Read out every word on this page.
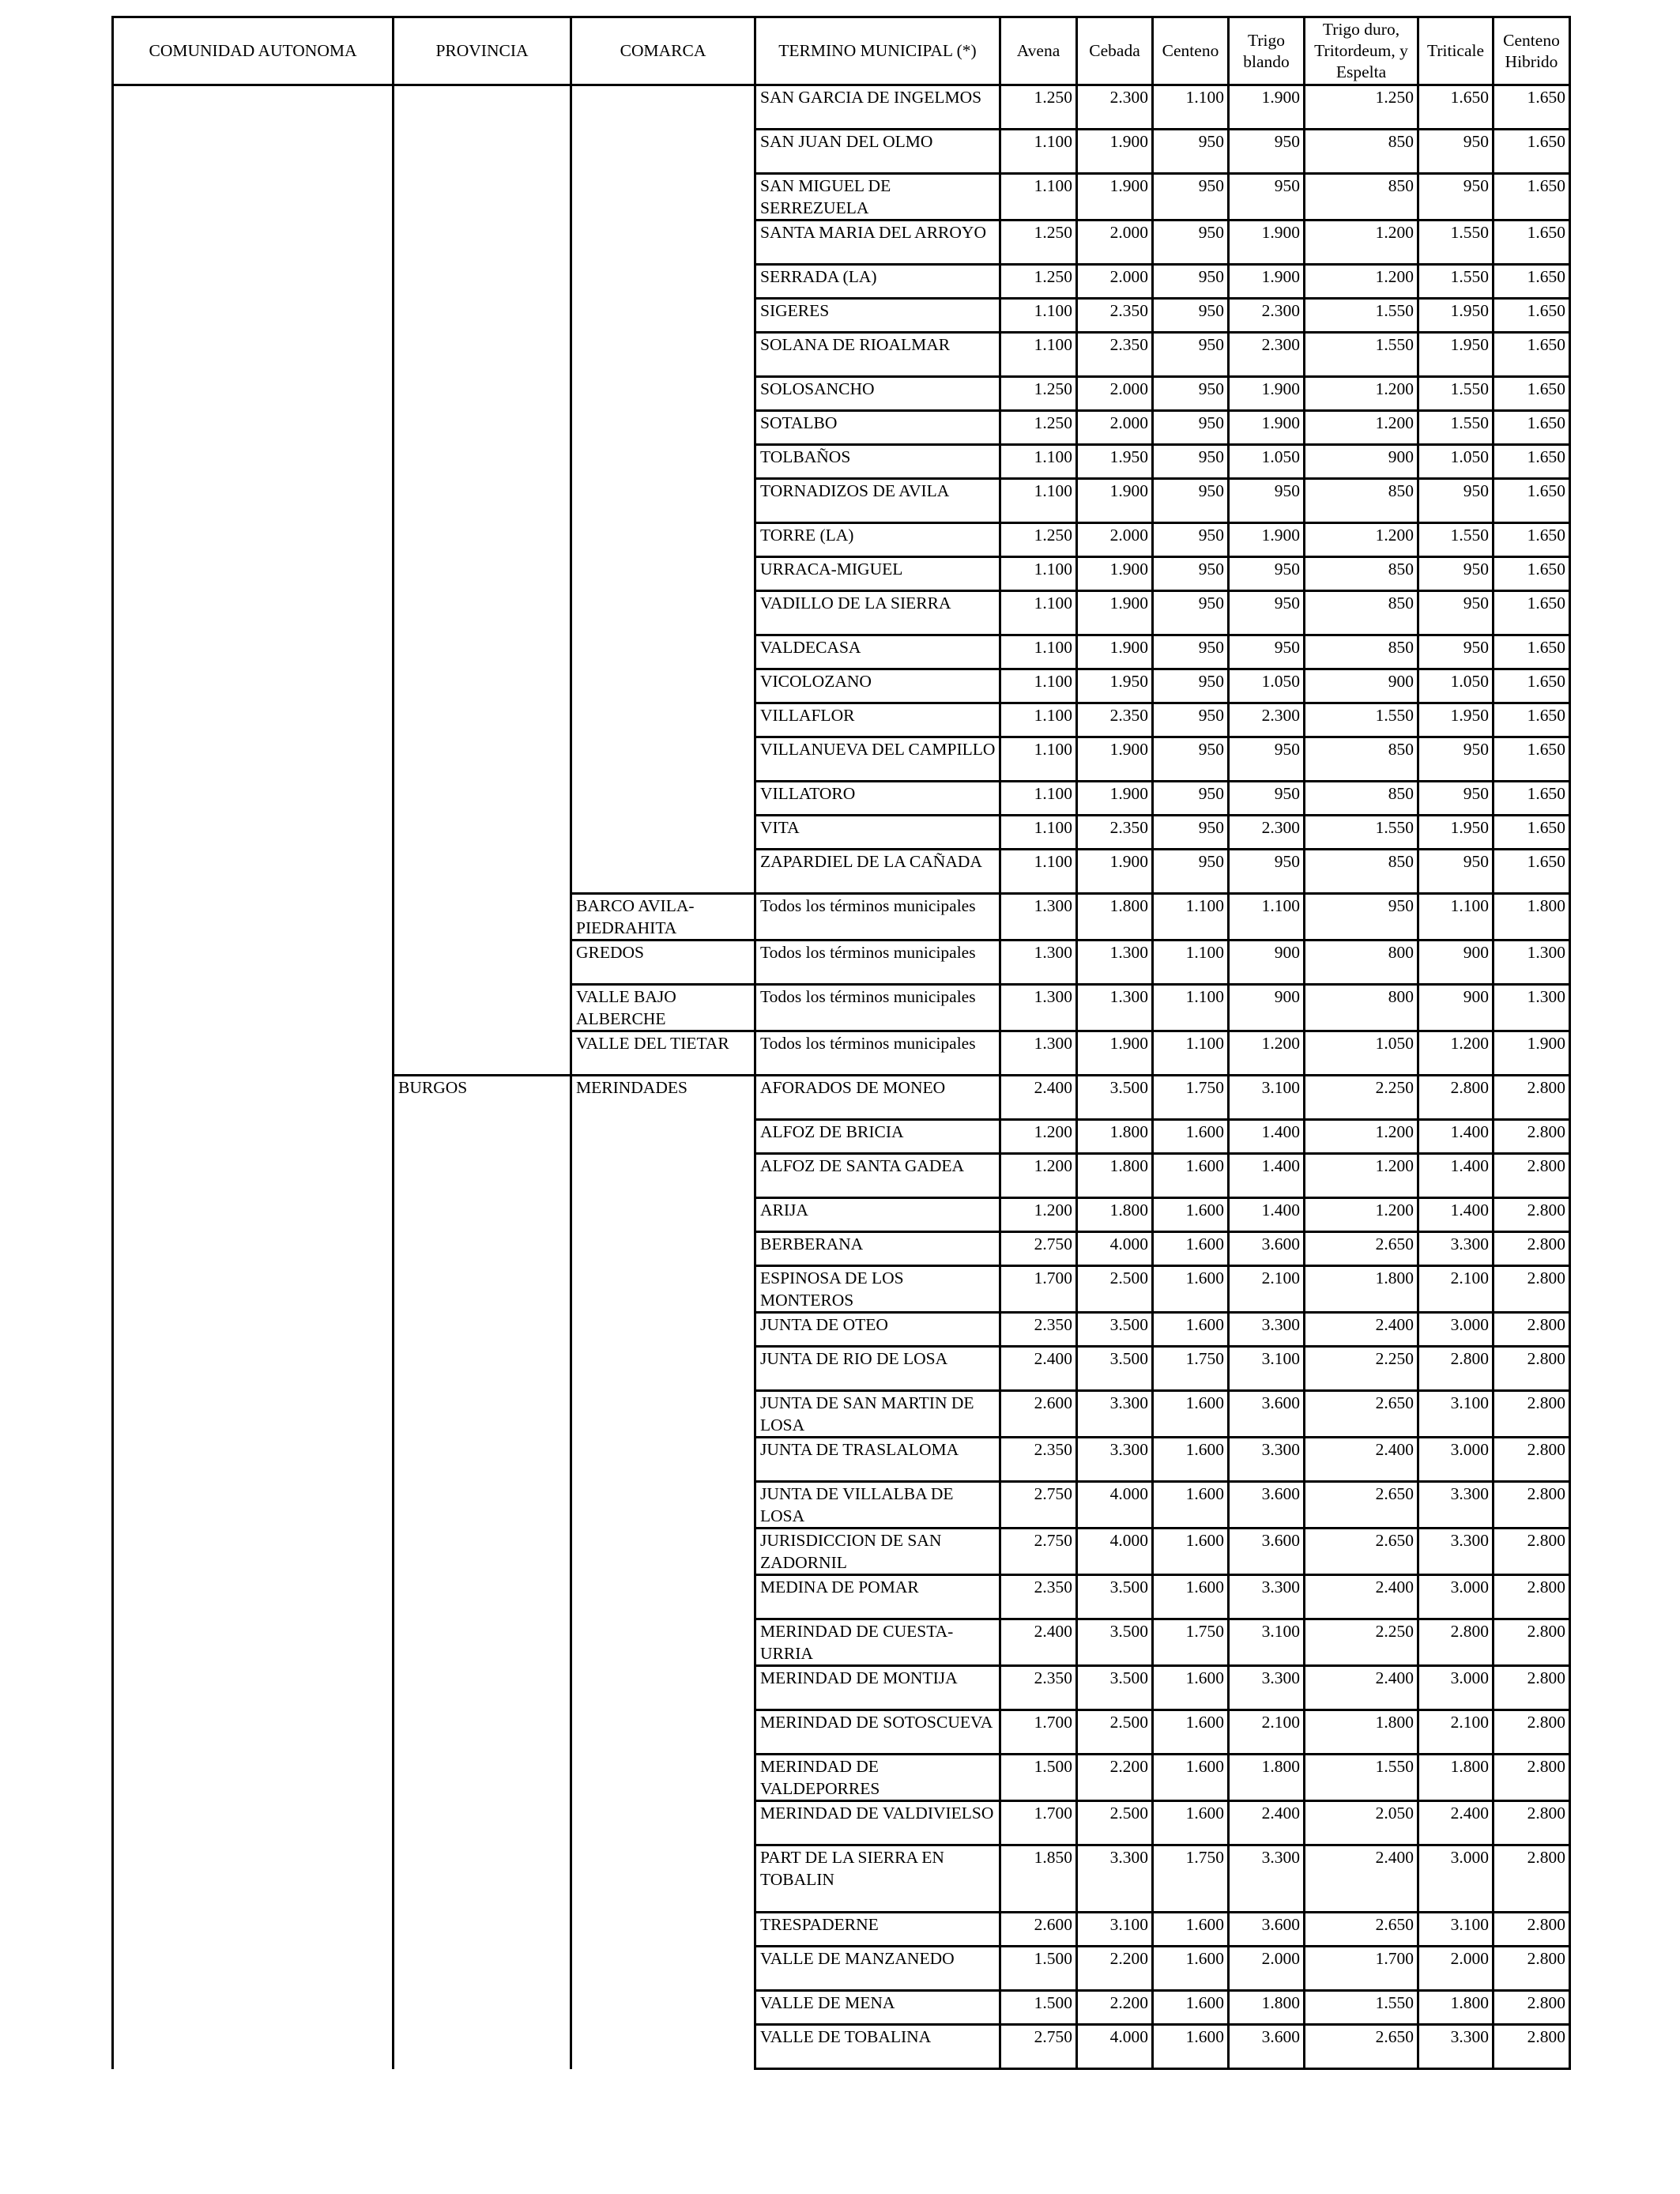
COMUNIDAD AUTONOMA	PROVINCIA	COMARCA	TERMINO MUNICIPAL (*)	Avena	Cebada	Centeno	Trigo blando	Trigo duro, Tritordeum, y Espelta	Triticale	Centeno Hibrido
			SAN GARCIA DE INGELMOS	1.250	2.300	1.100	1.900	1.250	1.650	1.650
			SAN JUAN DEL OLMO	1.100	1.900	950	950	850	950	1.650
			SAN MIGUEL DE SERREZUELA	1.100	1.900	950	950	850	950	1.650
			SANTA MARIA DEL ARROYO	1.250	2.000	950	1.900	1.200	1.550	1.650
			SERRADA (LA)	1.250	2.000	950	1.900	1.200	1.550	1.650
			SIGERES	1.100	2.350	950	2.300	1.550	1.950	1.650
			SOLANA DE RIOALMAR	1.100	2.350	950	2.300	1.550	1.950	1.650
			SOLOSANCHO	1.250	2.000	950	1.900	1.200	1.550	1.650
			SOTALBO	1.250	2.000	950	1.900	1.200	1.550	1.650
			TOLBAÑOS	1.100	1.950	950	1.050	900	1.050	1.650
			TORNADIZOS DE AVILA	1.100	1.900	950	950	850	950	1.650
			TORRE (LA)	1.250	2.000	950	1.900	1.200	1.550	1.650
			URRACA-MIGUEL	1.100	1.900	950	950	850	950	1.650
			VADILLO DE LA SIERRA	1.100	1.900	950	950	850	950	1.650
			VALDECASA	1.100	1.900	950	950	850	950	1.650
			VICOLOZANO	1.100	1.950	950	1.050	900	1.050	1.650
			VILLAFLOR	1.100	2.350	950	2.300	1.550	1.950	1.650
			VILLANUEVA DEL CAMPILLO	1.100	1.900	950	950	850	950	1.650
			VILLATORO	1.100	1.900	950	950	850	950	1.650
			VITA	1.100	2.350	950	2.300	1.550	1.950	1.650
			ZAPARDIEL DE LA CAÑADA	1.100	1.900	950	950	850	950	1.650
		BARCO AVILA-PIEDRAHITA	Todos los términos municipales	1.300	1.800	1.100	1.100	950	1.100	1.800
		GREDOS	Todos los términos municipales	1.300	1.300	1.100	900	800	900	1.300
		VALLE BAJO ALBERCHE	Todos los términos municipales	1.300	1.300	1.100	900	800	900	1.300
		VALLE DEL TIETAR	Todos los términos municipales	1.300	1.900	1.100	1.200	1.050	1.200	1.900
	BURGOS	MERINDADES	AFORADOS DE MONEO	2.400	3.500	1.750	3.100	2.250	2.800	2.800
			ALFOZ DE BRICIA	1.200	1.800	1.600	1.400	1.200	1.400	2.800
			ALFOZ DE SANTA GADEA	1.200	1.800	1.600	1.400	1.200	1.400	2.800
			ARIJA	1.200	1.800	1.600	1.400	1.200	1.400	2.800
			BERBERANA	2.750	4.000	1.600	3.600	2.650	3.300	2.800
			ESPINOSA DE LOS MONTEROS	1.700	2.500	1.600	2.100	1.800	2.100	2.800
			JUNTA DE OTEO	2.350	3.500	1.600	3.300	2.400	3.000	2.800
			JUNTA DE RIO DE LOSA	2.400	3.500	1.750	3.100	2.250	2.800	2.800
			JUNTA DE SAN MARTIN DE LOSA	2.600	3.300	1.600	3.600	2.650	3.100	2.800
			JUNTA DE TRASLALOMA	2.350	3.300	1.600	3.300	2.400	3.000	2.800
			JUNTA DE VILLALBA DE LOSA	2.750	4.000	1.600	3.600	2.650	3.300	2.800
			JURISDICCION DE SAN ZADORNIL	2.750	4.000	1.600	3.600	2.650	3.300	2.800
			MEDINA DE POMAR	2.350	3.500	1.600	3.300	2.400	3.000	2.800
			MERINDAD DE CUESTA-URRIA	2.400	3.500	1.750	3.100	2.250	2.800	2.800
			MERINDAD DE MONTIJA	2.350	3.500	1.600	3.300	2.400	3.000	2.800
			MERINDAD DE SOTOSCUEVA	1.700	2.500	1.600	2.100	1.800	2.100	2.800
			MERINDAD DE VALDEPORRES	1.500	2.200	1.600	1.800	1.550	1.800	2.800
			MERINDAD DE VALDIVIELSO	1.700	2.500	1.600	2.400	2.050	2.400	2.800
			PART DE LA SIERRA EN TOBALIN	1.850	3.300	1.750	3.300	2.400	3.000	2.800
			TRESPADERNE	2.600	3.100	1.600	3.600	2.650	3.100	2.800
			VALLE DE MANZANEDO	1.500	2.200	1.600	2.000	1.700	2.000	2.800
			VALLE DE MENA	1.500	2.200	1.600	1.800	1.550	1.800	2.800
			VALLE DE TOBALINA	2.750	4.000	1.600	3.600	2.650	3.300	2.800
